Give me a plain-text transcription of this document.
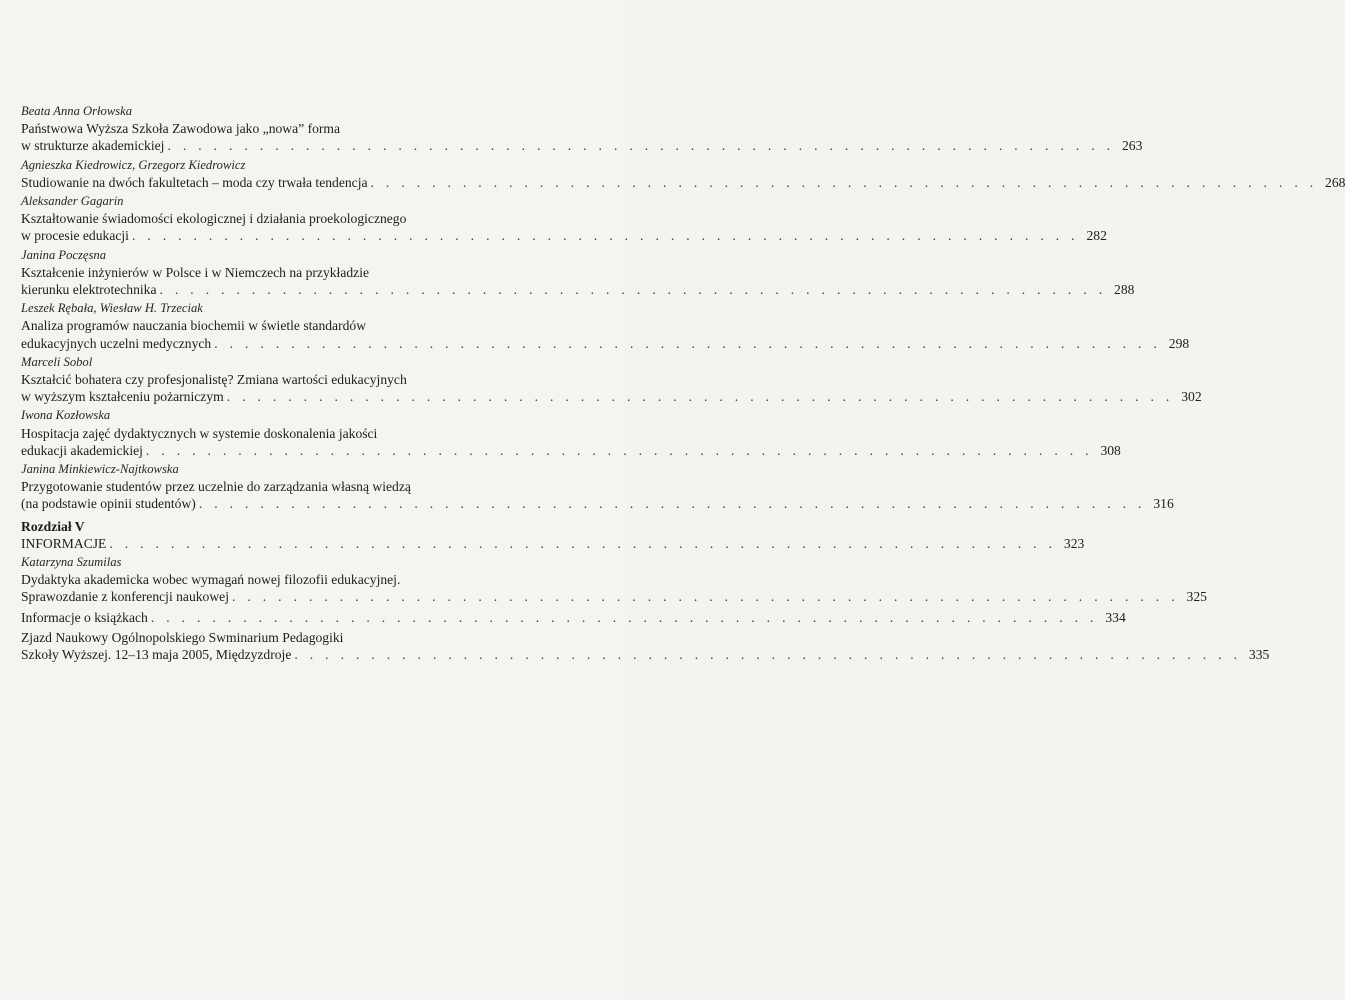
Beata Anna Orłowska
Państwowa Wyższa Szkoła Zawodowa jako „nowa” forma
w strukturze akademickiej . . . . . . . . . . . . . . . . . . . . . . . . . . . . . . . . . . . . . . . . . . . . . . . . . . . . . . . . . . . . . . 263
Agnieszka Kiedrowicz, Grzegorz Kiedrowicz
Studiowanie na dwóch fakultetach – moda czy trwała tendencja . . . . . . . . . . . . . . . . . . . . . . . . . . . . . . . . . . . . . . . . . . . . . . . . . . . . . . . . . . . . . . 268
Aleksander Gagarin
Kształtowanie świadomości ekologicznej i działania proekologicznego
w procesie edukacji . . . . . . . . . . . . . . . . . . . . . . . . . . . . . . . . . . . . . . . . . . . . . . . . . . . . . . . . . . . . . . 282
Janina Poczęsna
Kształcenie inżynierów w Polsce i w Niemczech na przykładzie
kierunku elektrotechnika . . . . . . . . . . . . . . . . . . . . . . . . . . . . . . . . . . . . . . . . . . . . . . . . . . . . . . . . . . . . . . 288
Leszek Rębała, Wiesław H. Trzeciak
Analiza programów nauczania biochemii w świetle standardów
edukacyjnych uczelni medycznych . . . . . . . . . . . . . . . . . . . . . . . . . . . . . . . . . . . . . . . . . . . . . . . . . . . . . . . . . . . . . . 298
Marceli Sobol
Kształcić bohatera czy profesjonalistę? Zmiana wartości edukacyjnych
w wyższym kształceniu pożarniczym . . . . . . . . . . . . . . . . . . . . . . . . . . . . . . . . . . . . . . . . . . . . . . . . . . . . . . . . . . . . . . 302
Iwona Kozłowska
Hospitacja zajęć dydaktycznych w systemie doskonalenia jakości
edukacji akademickiej . . . . . . . . . . . . . . . . . . . . . . . . . . . . . . . . . . . . . . . . . . . . . . . . . . . . . . . . . . . . . . 308
Janina Minkiewicz-Najtkowska
Przygotowanie studentów przez uczelnie do zarządzania własną wiedzą
(na podstawie opinii studentów) . . . . . . . . . . . . . . . . . . . . . . . . . . . . . . . . . . . . . . . . . . . . . . . . . . . . . . . . . . . . . . 316
Rozdział V
INFORMACJE . . . . . . . . . . . . . . . . . . . . . . . . . . . . . . . . . . . . . . . . . . . . . . . . . . . . . . . . . . . . . . 323
Katarzyna Szumilas
Dydaktyka akademicka wobec wymagań nowej filozofii edukacyjnej.
Sprawozdanie z konferencji naukowej . . . . . . . . . . . . . . . . . . . . . . . . . . . . . . . . . . . . . . . . . . . . . . . . . . . . . . . . . . . . . . 325
Informacje o książkach . . . . . . . . . . . . . . . . . . . . . . . . . . . . . . . . . . . . . . . . . . . . . . . . . . . . . . . . . . . . . . 334
Zjazd Naukowy Ogólnopolskiego Swminarium Pedagogiki
Szkoły Wyższej. 12–13 maja 2005, Międzyzdroje . . . . . . . . . . . . . . . . . . . . . . . . . . . . . . . . . . . . . . . . . . . . . . . . . . . . . . . . . . . . . . 335
